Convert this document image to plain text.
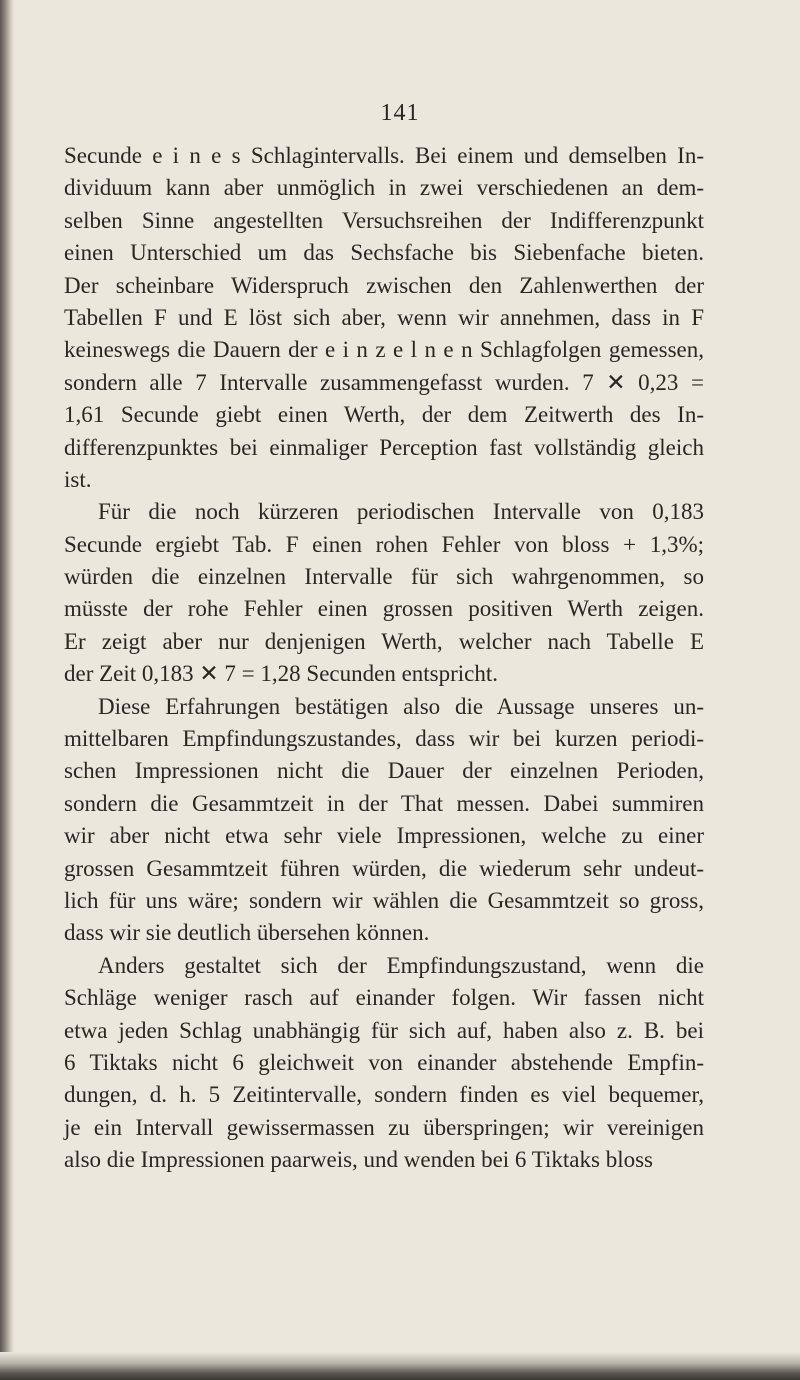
141
Secunde e i n e s Schlagintervalls. Bei einem und demselben In-
dividuum kann aber unmöglich in zwei verschiedenen an dem-
selben Sinne angestellten Versuchsreihen der Indifferenzpunkt
einen Unterschied um das Sechsfache bis Siebenfache bieten.
Der scheinbare Widerspruch zwischen den Zahlenwerthen der
Tabellen F und E löst sich aber, wenn wir annehmen, dass in F
keineswegs die Dauern der e i n z e l n e n Schlagfolgen gemessen,
sondern alle 7 Intervalle zusammengefasst wurden. 7 ✕ 0,23 =
1,61 Secunde giebt einen Werth, der dem Zeitwerth des In-
differenzpunktes bei einmaliger Perception fast vollständig gleich
ist.
Für die noch kürzeren periodischen Intervalle von 0,183
Secunde ergiebt Tab. F einen rohen Fehler von bloss + 1,3%;
würden die einzelnen Intervalle für sich wahrgenommen, so
müsste der rohe Fehler einen grossen positiven Werth zeigen.
Er zeigt aber nur denjenigen Werth, welcher nach Tabelle E
der Zeit 0,183 ✕ 7 = 1,28 Secunden entspricht.
Diese Erfahrungen bestätigen also die Aussage unseres un-
mittelbaren Empfindungszustandes, dass wir bei kurzen periodi-
schen Impressionen nicht die Dauer der einzelnen Perioden,
sondern die Gesammtzeit in der That messen. Dabei summiren
wir aber nicht etwa sehr viele Impressionen, welche zu einer
grossen Gesammtzeit führen würden, die wiederum sehr undeut-
lich für uns wäre; sondern wir wählen die Gesammtzeit so gross,
dass wir sie deutlich übersehen können.
Anders gestaltet sich der Empfindungszustand, wenn die
Schläge weniger rasch auf einander folgen. Wir fassen nicht
etwa jeden Schlag unabhängig für sich auf, haben also z. B. bei
6 Tiktaks nicht 6 gleichweit von einander abstehende Empfin-
dungen, d. h. 5 Zeitintervalle, sondern finden es viel bequemer,
je ein Intervall gewissermassen zu überspringen; wir vereinigen
also die Impressionen paarweis, und wenden bei 6 Tiktaks bloss
